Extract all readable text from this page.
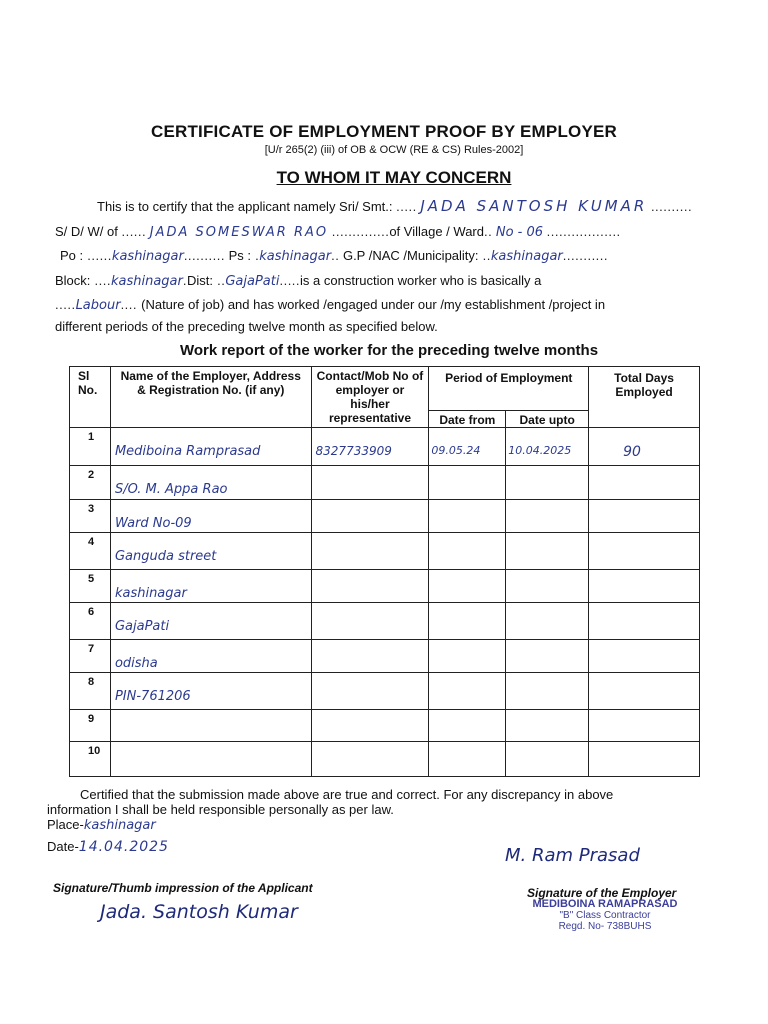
CERTIFICATE OF EMPLOYMENT PROOF BY EMPLOYER
[U/r 265(2) (iii) of OB & OCW (RE & CS) Rules-2002]
TO WHOM IT MAY CONCERN
This is to certify that the applicant namely Sri/ Smt.: ..... JADA SANTOSH KUMAR ..........
S/ D/ W/ of ...... JADA SOMESWAR RAO ..............of Village / Ward.. No - 06 ..................
Po : ......kashinagar.......... Ps : .kashinagar.. G.P /NAC /Municipality: ..kashinagar...........
Block: ....kashinagar.Dist: ..GajaPati.....is a construction worker who is basically a
.....Labour.... (Nature of job) and has worked /engaged under our /my establishment /project in
different periods of the preceding twelve month as specified below.
Work report of the worker for the preceding twelve months
Sl No.	Name of the Employer, Address & Registration No. (if any)	Contact/Mob No of employer or his/her representative	Period of Employment		Total Days Employed
			Date from	Date upto	
1	Mediboina Ramprasad	8327733909	09.05.24	10.04.2025	90

2	S/O. M. Appa Rao				

3	Ward No-09				

4	Ganguda street				

5	kashinagar				

6	GajaPati				

7	odisha				

8	PIN-761206				

9	

10	

Certified that the submission made above are true and correct. For any discrepancy in above
information I shall be held responsible personally as per law.
Place-kashinagar
Date-14.04.2025	M. Ram Prasad
Signature/Thumb impression of the Applicant
Jada. Santosh Kumar
Signature of the Employer
MEDIBOINA RAMAPRASAD
"B" Class Contractor
Regd. No- 738BUHS
